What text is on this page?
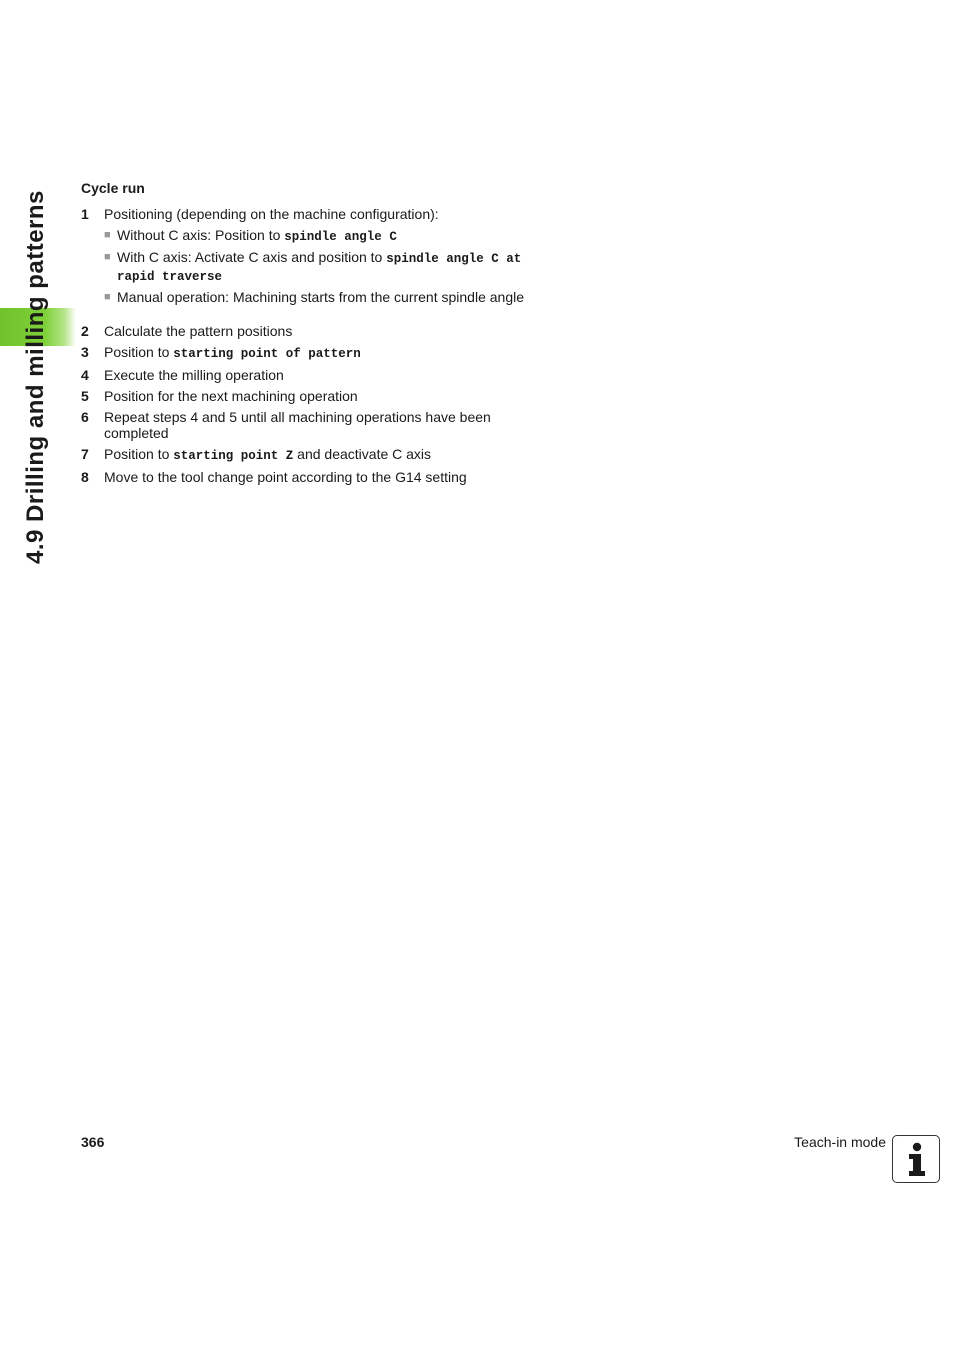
4.9 Drilling and milling patterns
Cycle run
1	Positioning (depending on the machine configuration):
■ Without C axis: Position to spindle angle C
■ With C axis: Activate C axis and position to spindle angle C at rapid traverse
■ Manual operation: Machining starts from the current spindle angle
2	Calculate the pattern positions
3	Position to starting point of pattern
4	Execute the milling operation
5	Position for the next machining operation
6	Repeat steps 4 and 5 until all machining operations have been completed
7	Position to starting point Z and deactivate C axis
8	Move to the tool change point according to the G14 setting
366	Teach-in mode
